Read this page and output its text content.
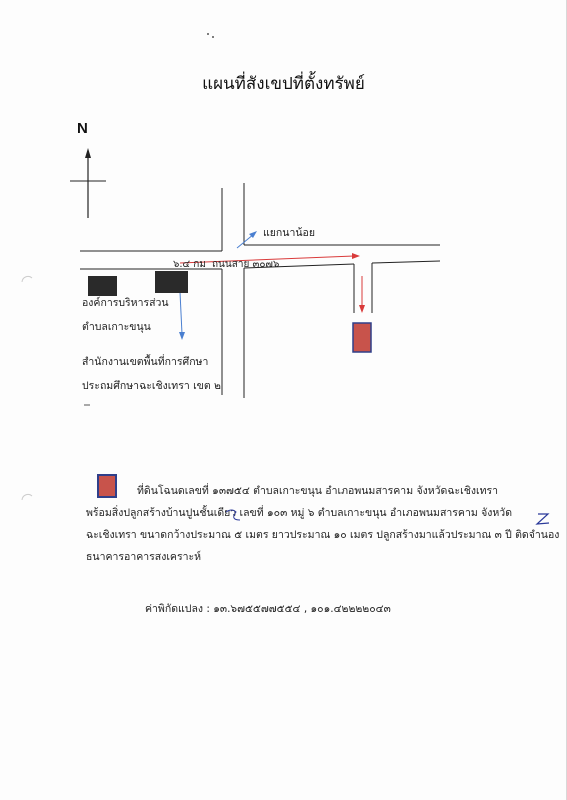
แผนที่สังเขปที่ตั้งทรัพย์
N
แยกนาน้อย
๖.๔ กม ถนนสาย ๓๐๗๖
องค์การบริหารส่วน
ตำบลเกาะขนุน
สำนักงานเขตพื้นที่การศึกษา
ประถมศึกษาฉะเชิงเทรา เขต ๒
ที่ดินโฉนดเลขที่ ๑๓๗๕๔ ตำบลเกาะขนุน อำเภอพนมสารคาม จังหวัดฉะเชิงเทรา
พร้อมสิ่งปลูกสร้างบ้านปูนชั้นเดียว เลขที่ ๑๐๓ หมู่ ๖ ตำบลเกาะขนุน อำเภอพนมสารคาม จังหวัด
ฉะเชิงเทรา ขนาดกว้างประมาณ ๕ เมตร ยาวประมาณ ๑๐ เมตร ปลูกสร้างมาแล้วประมาณ ๓ ปี ติดจำนอง
ธนาคารอาคารสงเคราะห์
ค่าพิกัดแปลง : ๑๓.๖๗๕๕๗๗๕๕๔ , ๑๐๑.๔๒๒๒๒๐๔๓
